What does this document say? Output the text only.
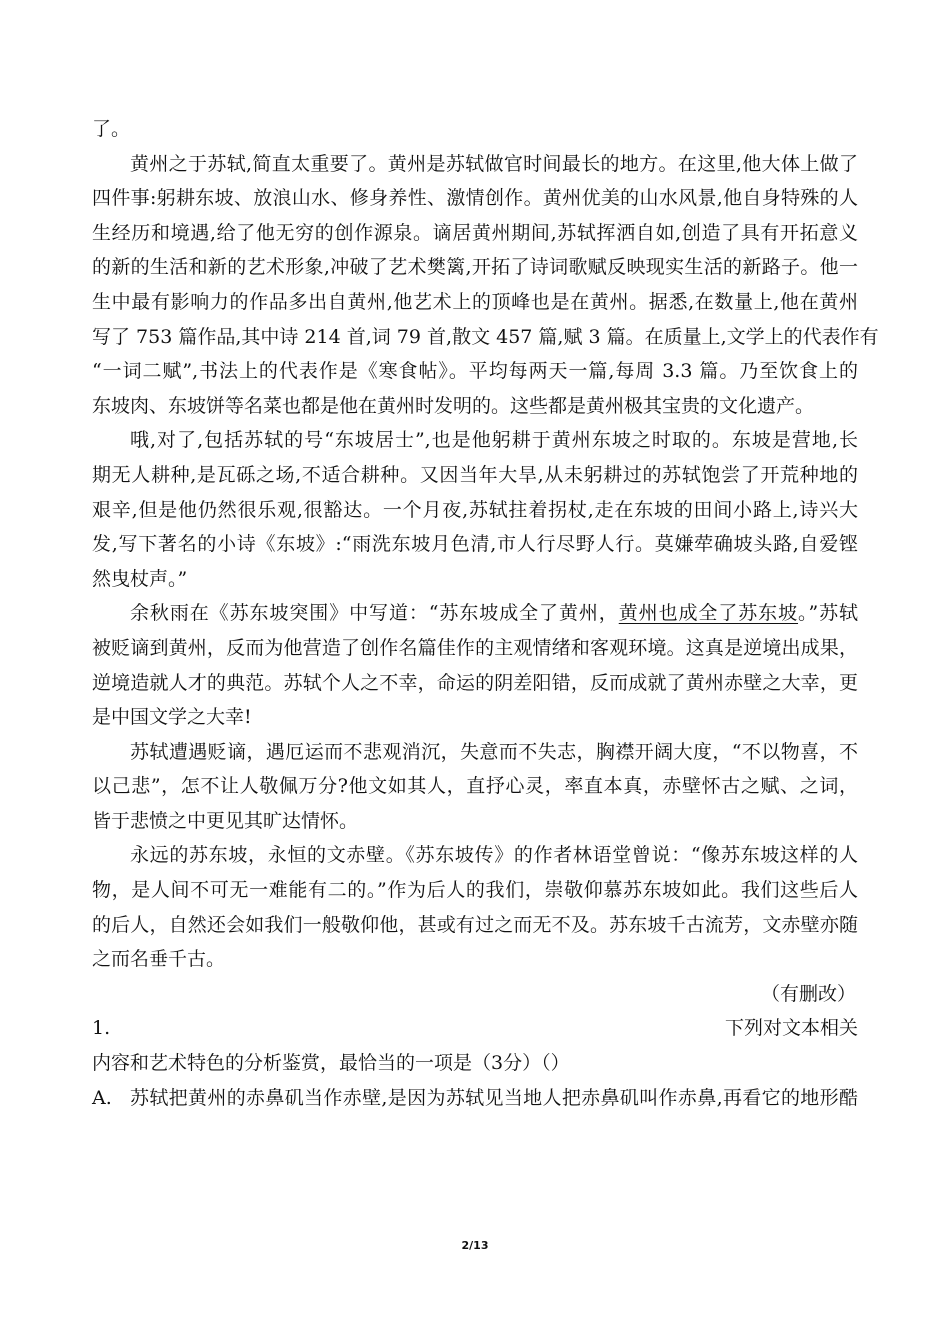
了。

黄州之于苏轼,简直太重要了。黄州是苏轼做官时间最长的地方。在这里,他大体上做了

四件事:躬耕东坡、放浪山水、修身养性、激情创作。黄州优美的山水风景,他自身特殊的人

生经历和境遇,给了他无穷的创作源泉。谪居黄州期间,苏轼挥洒自如,创造了具有开拓意义

的新的生活和新的艺术形象,冲破了艺术樊篱,开拓了诗词歌赋反映现实生活的新路子。他一

生中最有影响力的作品多出自黄州,他艺术上的顶峰也是在黄州。据悉,在数量上,他在黄州

写了 753 篇作品,其中诗 214 首,词 79 首,散文 457 篇,赋 3 篇。在质量上,文学上的代表作有

“一词二赋”,书法上的代表作是《寒食帖》。平均每两天一篇,每周 3.3 篇。乃至饮食上的

东坡肉、东坡饼等名菜也都是他在黄州时发明的。这些都是黄州极其宝贵的文化遗产。

哦,对了,包括苏轼的号“东坡居士”,也是他躬耕于黄州东坡之时取的。东坡是营地,长

期无人耕种,是瓦砾之场,不适合耕种。又因当年大旱,从未躬耕过的苏轼饱尝了开荒种地的

艰辛,但是他仍然很乐观,很豁达。一个月夜,苏轼拄着拐杖,走在东坡的田间小路上,诗兴大

发,写下著名的小诗《东坡》:“雨洗东坡月色清,市人行尽野人行。莫嫌荦确坡头路,自爱铿

然曳杖声。”

余秋雨在《苏东坡突围》中写道：“苏东坡成全了黄州，黄州也成全了苏东坡。”苏轼

被贬谪到黄州，反而为他营造了创作名篇佳作的主观情绪和客观环境。这真是逆境出成果，

逆境造就人才的典范。苏轼个人之不幸，命运的阴差阳错，反而成就了黄州赤壁之大幸，更

是中国文学之大幸!

苏轼遭遇贬谪，遇厄运而不悲观消沉，失意而不失志，胸襟开阔大度，“不以物喜，不

以己悲”，怎不让人敬佩万分?他文如其人，直抒心灵，率直本真，赤壁怀古之赋、之词，

皆于悲愤之中更见其旷达情怀。

永远的苏东坡，永恒的文赤壁。《苏东坡传》的作者林语堂曾说：“像苏东坡这样的人

物，是人间不可无一难能有二的。”作为后人的我们，崇敬仰慕苏东坡如此。我们这些后人

的后人，自然还会如我们一般敬仰他，甚或有过之而无不及。苏东坡千古流芳，文赤壁亦随

之而名垂千古。

（有删改）

1.	下列对文本相关

内容和艺术特色的分析鉴赏，最恰当的一项是（3分）（）

A. 苏轼把黄州的赤鼻矶当作赤壁,是因为苏轼见当地人把赤鼻矶叫作赤鼻,再看它的地形酷
2/13
